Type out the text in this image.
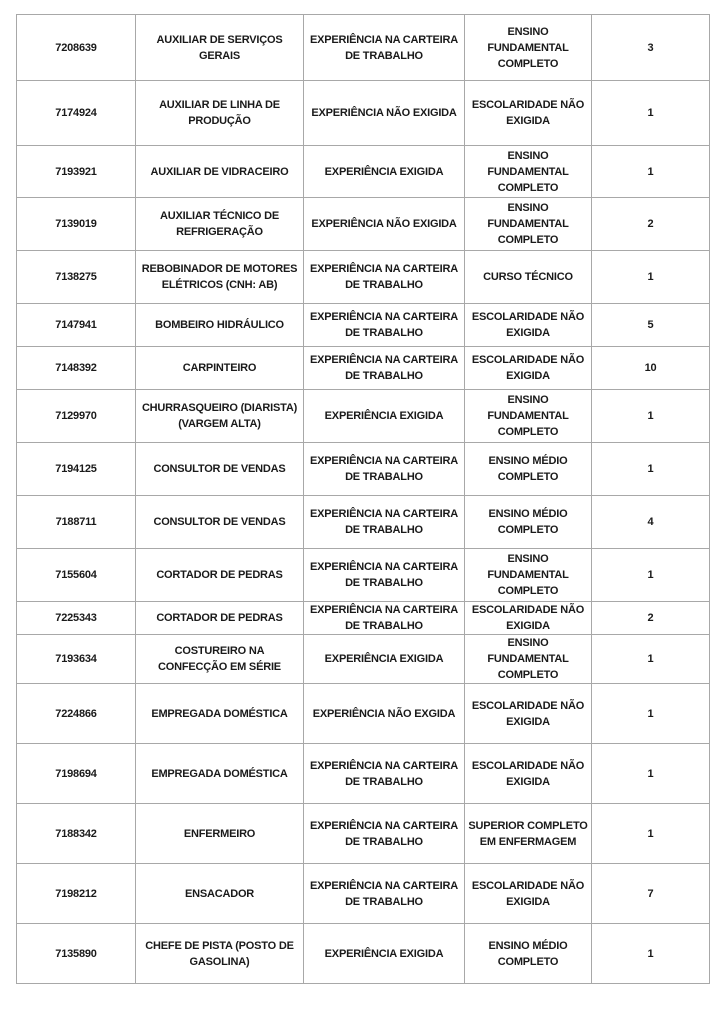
7208639	AUXILIAR DE SERVIÇOS GERAIS	EXPERIÊNCIA NA CARTEIRA DE TRABALHO	ENSINO FUNDAMENTAL COMPLETO	3
7174924	AUXILIAR DE LINHA DE PRODUÇÃO	EXPERIÊNCIA NÃO EXIGIDA	ESCOLARIDADE NÃO EXIGIDA	1
7193921	AUXILIAR DE VIDRACEIRO	EXPERIÊNCIA EXIGIDA	ENSINO FUNDAMENTAL COMPLETO	1
7139019	AUXILIAR TÉCNICO DE REFRIGERAÇÃO	EXPERIÊNCIA NÃO EXIGIDA	ENSINO FUNDAMENTAL COMPLETO	2
7138275	REBOBINADOR DE MOTORES ELÉTRICOS (CNH: AB)	EXPERIÊNCIA NA CARTEIRA DE TRABALHO	CURSO TÉCNICO	1
7147941	BOMBEIRO HIDRÁULICO	EXPERIÊNCIA NA CARTEIRA DE TRABALHO	ESCOLARIDADE NÃO EXIGIDA	5
7148392	CARPINTEIRO	EXPERIÊNCIA NA CARTEIRA DE TRABALHO	ESCOLARIDADE NÃO EXIGIDA	10
7129970	CHURRASQUEIRO (DIARISTA) (VARGEM ALTA)	EXPERIÊNCIA EXIGIDA	ENSINO FUNDAMENTAL COMPLETO	1
7194125	CONSULTOR DE VENDAS	EXPERIÊNCIA NA CARTEIRA DE TRABALHO	ENSINO MÉDIO COMPLETO	1
7188711	CONSULTOR DE VENDAS	EXPERIÊNCIA NA CARTEIRA DE TRABALHO	ENSINO MÉDIO COMPLETO	4
7155604	CORTADOR DE PEDRAS	EXPERIÊNCIA NA CARTEIRA DE TRABALHO	ENSINO FUNDAMENTAL COMPLETO	1
7225343	CORTADOR DE PEDRAS	EXPERIÊNCIA NA CARTEIRA DE TRABALHO	ESCOLARIDADE NÃO EXIGIDA	2
7193634	COSTUREIRO NA CONFECÇÃO EM SÉRIE	EXPERIÊNCIA EXIGIDA	ENSINO FUNDAMENTAL COMPLETO	1
7224866	EMPREGADA DOMÉSTICA	EXPERIÊNCIA NÃO EXGIDA	ESCOLARIDADE NÃO EXIGIDA	1
7198694	EMPREGADA DOMÉSTICA	EXPERIÊNCIA NA CARTEIRA DE TRABALHO	ESCOLARIDADE NÃO EXIGIDA	1
7188342	ENFERMEIRO	EXPERIÊNCIA NA CARTEIRA DE TRABALHO	SUPERIOR COMPLETO EM ENFERMAGEM	1
7198212	ENSACADOR	EXPERIÊNCIA NA CARTEIRA DE TRABALHO	ESCOLARIDADE NÃO EXIGIDA	7
7135890	CHEFE DE PISTA (POSTO DE GASOLINA)	EXPERIÊNCIA EXIGIDA	ENSINO MÉDIO COMPLETO	1
